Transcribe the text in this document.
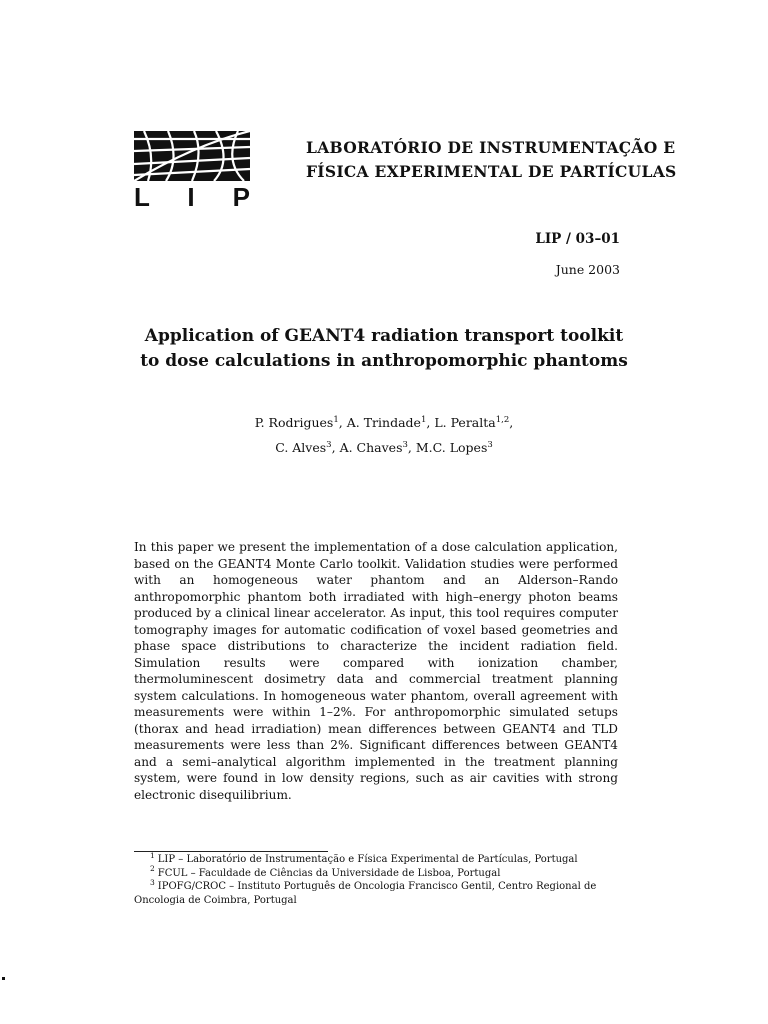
L I P
LABORATÓRIO DE INSTRUMENTAÇÃO E
FÍSICA EXPERIMENTAL DE PARTÍCULAS
LIP / 03–01
June 2003
Application of GEANT4 radiation transport toolkit
to dose calculations in anthropomorphic phantoms
P. Rodrigues$^1$, A. Trindade$^1$, L. Peralta$^{1,2}$,
C. Alves$^3$, A. Chaves$^3$, M.C. Lopes$^3$

In this paper we present the implementation of a dose calculation application, based on the GEANT4 Monte Carlo toolkit. Validation studies were performed with an homogeneous water phantom and an Alderson–Rando anthropomorphic phantom both irradiated with high–energy photon beams produced by a clinical linear accelerator. As input, this tool requires computer tomography images for automatic codification of voxel based geometries and phase space distributions to characterize the incident radiation field. Simulation results were compared with ionization chamber, thermoluminescent dosimetry data and commercial treatment planning system calculations. In homogeneous water phantom, overall agreement with measurements were within 1–2%. For anthropomorphic simulated setups (thorax and head irradiation) mean differences between GEANT4 and TLD measurements were less than 2%. Significant differences between GEANT4 and a semi–analytical algorithm implemented in the treatment planning system, were found in low density regions, such as air cavities with strong electronic disequilibrium.

$^1$ LIP – Laboratório de Instrumentação e Física Experimental de Partículas, Portugal

$^2$ FCUL – Faculdade de Ciências da Universidade de Lisboa, Portugal

$^3$ IPOFG/CROC – Instituto Português de Oncologia Francisco Gentil, Centro Regional de Oncologia de Coimbra, Portugal
